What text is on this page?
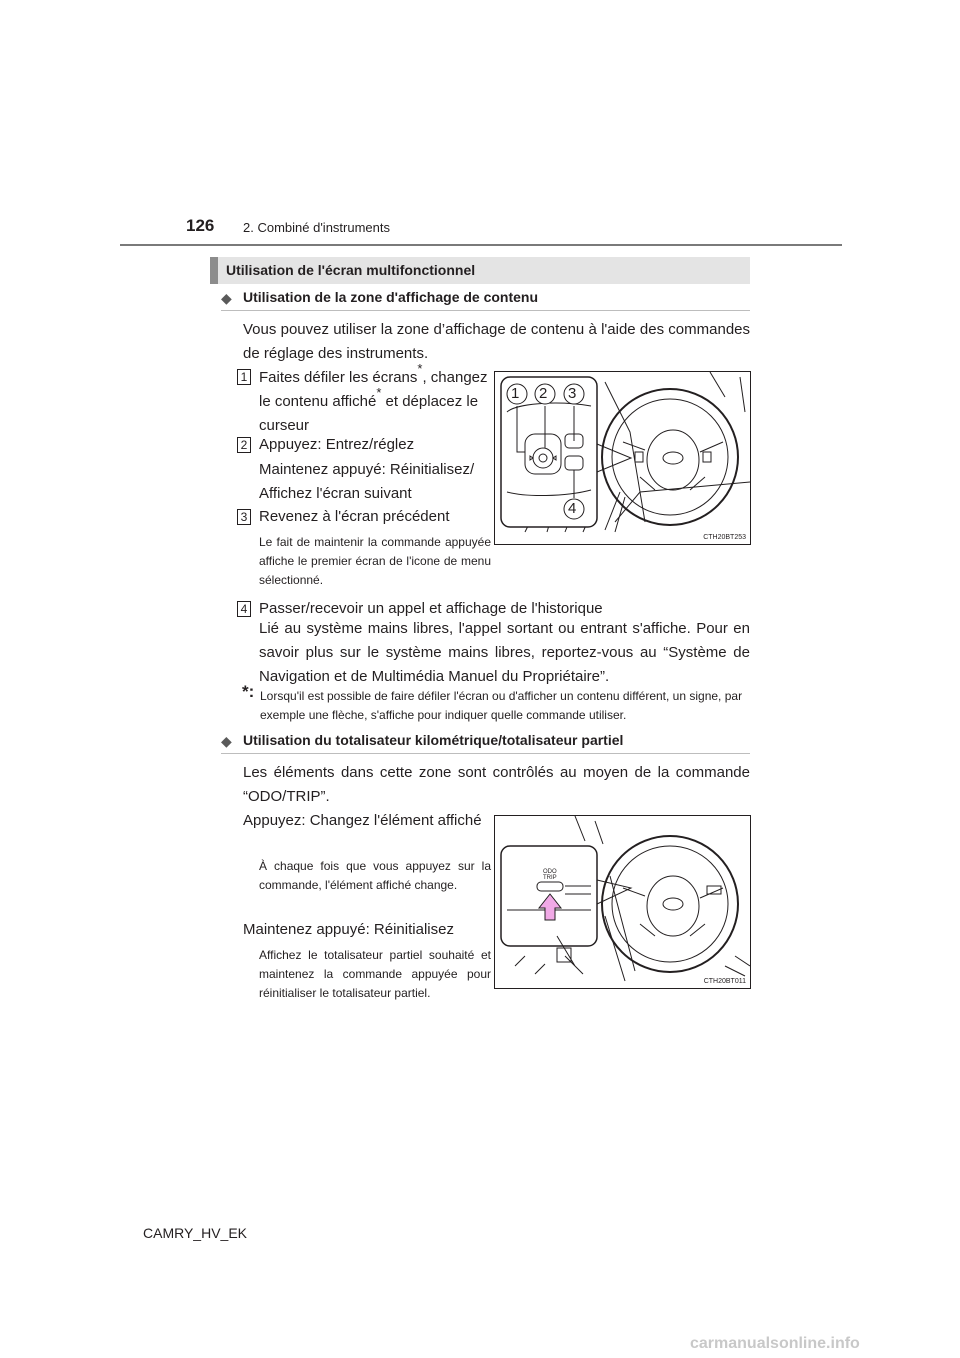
126 2. Combiné d'instruments
Utilisation de l'écran multifonctionnel
◆ Utilisation de la zone d'affichage de contenu
Vous pouvez utiliser la zone d’affichage de contenu à l'aide des commandes de réglage des instruments.
1 Faites défiler les écrans*, changez le contenu affiché* et déplacez le curseur
2 Appuyez: Entrez/réglez
Maintenez appuyé: Réinitialisez/ Affichez l'écran suivant
3 Revenez à l'écran précédent
Le fait de maintenir la commande appuyée affiche le premier écran de l'icone de menu sélectionné.
1 2 3
4
CTH20BT253
4 Passer/recevoir un appel et affichage de l'historique
Lié au système mains libres, l'appel sortant ou entrant s'affiche. Pour en savoir plus sur le système mains libres, reportez-vous au “Système de Navigation et de Multimédia Manuel du Propriétaire”.
*: Lorsqu'il est possible de faire défiler l'écran ou d'afficher un contenu différent, un signe, par exemple une flèche, s'affiche pour indiquer quelle commande utiliser.
◆ Utilisation du totalisateur kilométrique/totalisateur partiel
Les éléments dans cette zone sont contrôlés au moyen de la commande “ODO/TRIP”.
Appuyez: Changez l'élément affiché
À chaque fois que vous appuyez sur la commande, l'élément affiché change.
Maintenez appuyé: Réinitialisez
Affichez le totalisateur partiel souhaité et maintenez la commande appuyée pour réinitialiser le totalisateur partiel.
ODO
TRIP
CTH20BT011
CAMRY_HV_EK
carmanualsonline.info
